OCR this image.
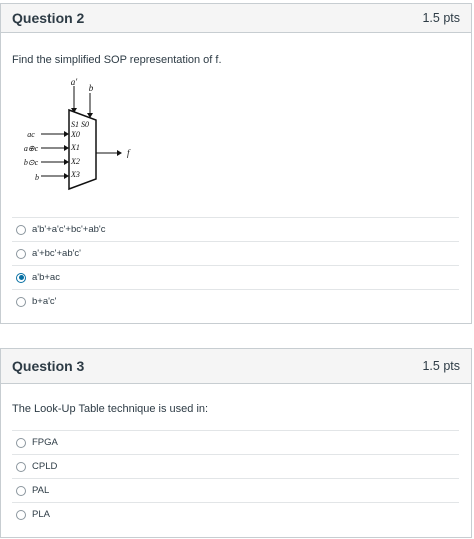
Question 2	1.5 pts
Find the simplified SOP representation of f.
a'
b
S1 S0
X0
X1
X2
X3
ac
a⊕c
b⊙c
b
f
a'b'+a'c'+bc'+ab'c
a'+bc'+ab'c'
a'b+ac
b+a'c'
Question 3	1.5 pts
The Look-Up Table technique is used in:
FPGA
CPLD
PAL
PLA
